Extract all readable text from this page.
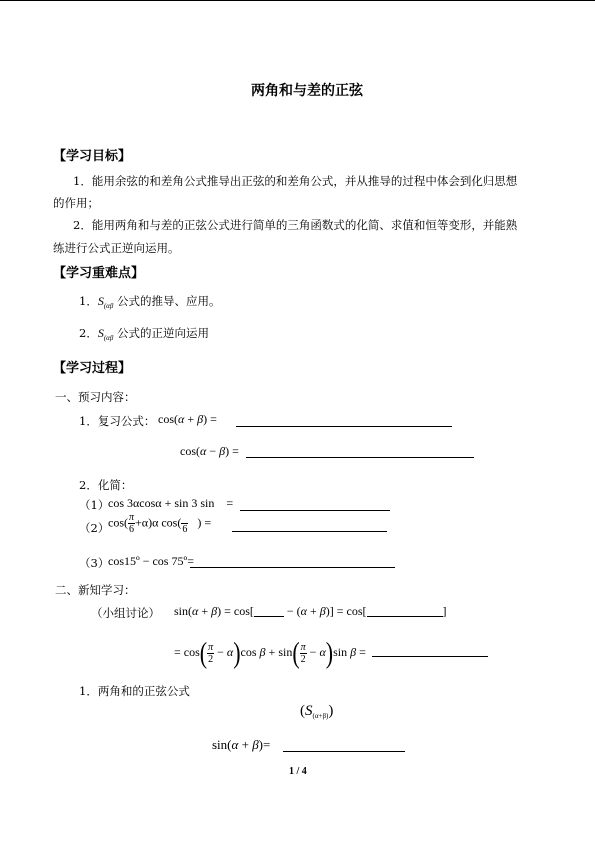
两角和与差的正弦
【学习目标】
1．能用余弦的和差角公式推导出正弦的和差角公式，并从推导的过程中体会到化归思想
的作用；
2．能用两角和与差的正弦公式进行简单的三角函数式的化简、求值和恒等变形，并能熟
练进行公式正逆向运用。
【学习重难点】
1．$S_{(\alpha\beta}$ 公式的推导、应用。
2．$S_{(\alpha\beta}$ 公式的正逆向运用
【学习过程】
一、预习内容：
1．复习公式： cos(α + β) =
cos(α − β) =
2．化简：
（1）
cos 3αcosα + sin 3 sin =
（2）
$\cos( \frac{\pi}{6} +\alpha)\alpha$ cos(

6
) =
（3）
cos15º − cos 75º=
二、新知学习：
（小组讨论） sin(α + β) = cos[	− (α + β)] = cos[	]
= $\cos( \frac{\pi}{2} - \alpha)\cos$ $\beta + \sin( \frac{\pi}{2} - \alpha)\sin$ β =
1．两角和的正弦公式
$(S_{(\alpha+\beta)})$
sin(α + β)=
1 / 4
